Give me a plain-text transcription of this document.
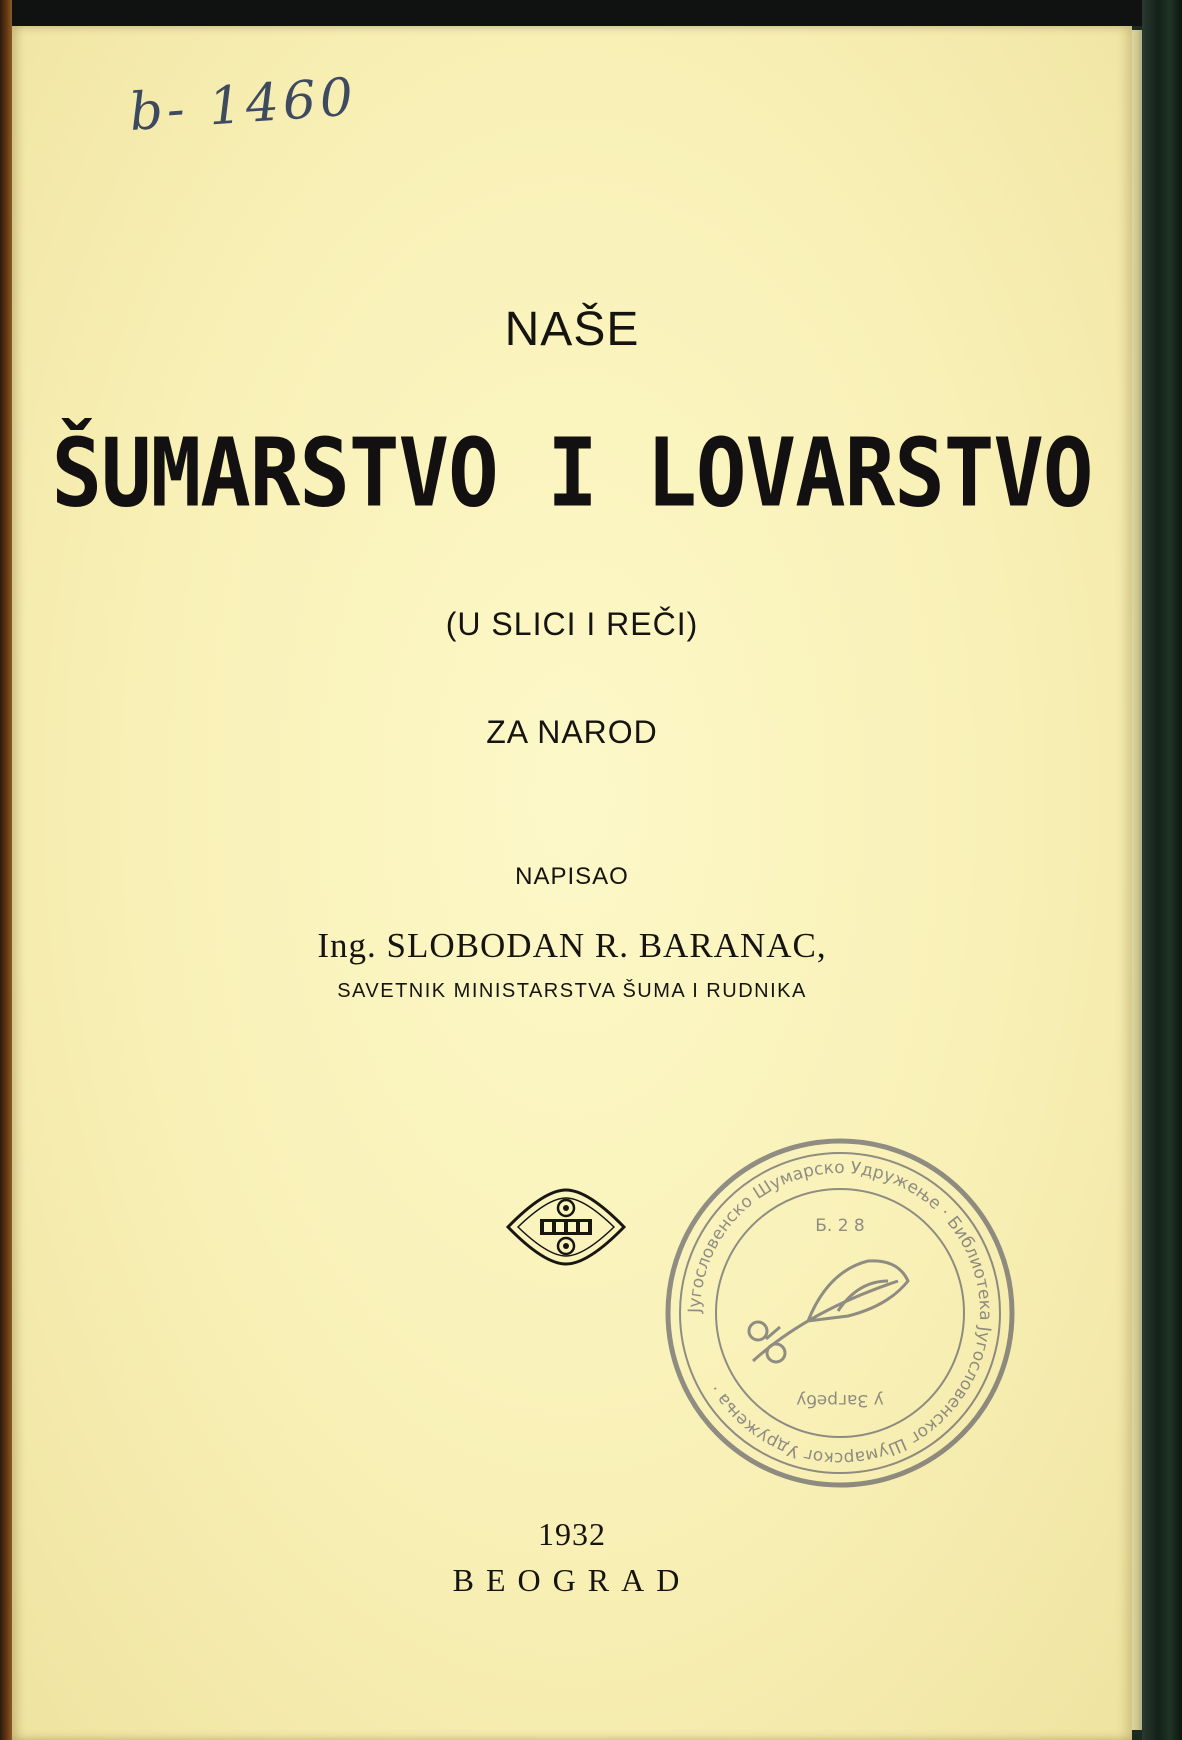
b- 1460
NAŠE
ŠUMARSTVO I LOVARSTVO
(U SLICI I REČI)
ZA NAROD
NAPISAO
Ing. SLOBODAN R. BARANAC,
SAVETNIK MINISTARSTVA ŠUMA I RUDNIKA
Југословенско Шумарско Удружење · Библиотека Југословенског Шумарског Удружења ·
Б. 2 8
у Загребу
1932
BEOGRAD
